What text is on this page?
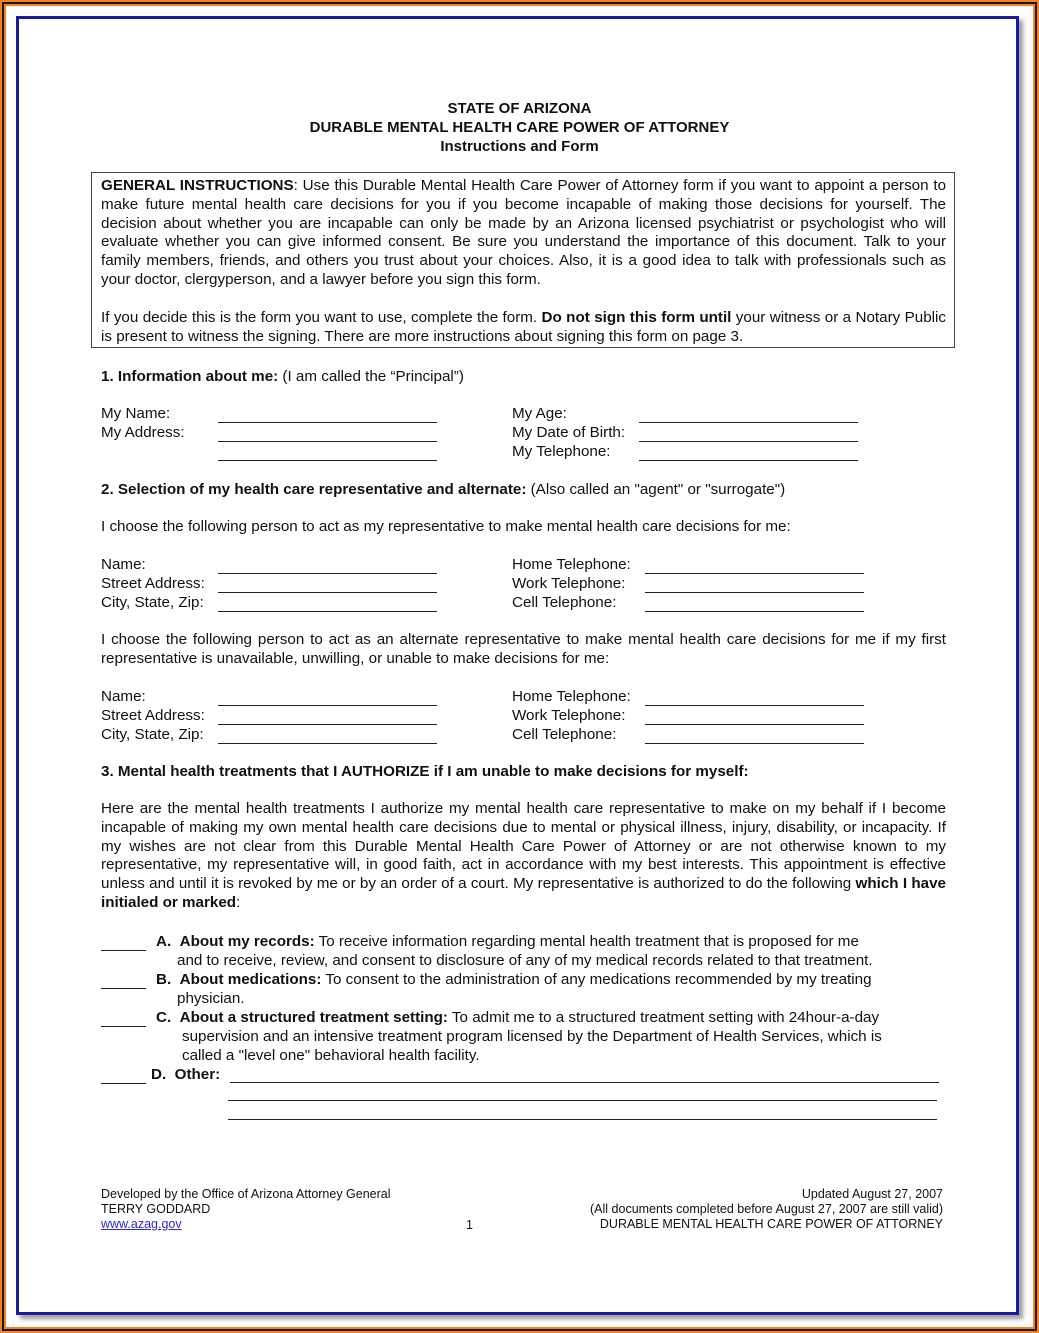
STATE OF ARIZONA
DURABLE MENTAL HEALTH CARE POWER OF ATTORNEY
Instructions and Form
GENERAL INSTRUCTIONS: Use this Durable Mental Health Care Power of Attorney form if you want to appoint a person to make future mental health care decisions for you if you become incapable of making those decisions for yourself. The decision about whether you are incapable can only be made by an Arizona licensed psychiatrist or psychologist who will evaluate whether you can give informed consent. Be sure you understand the importance of this document. Talk to your family members, friends, and others you trust about your choices. Also, it is a good idea to talk with professionals such as your doctor, clergyperson, and a lawyer before you sign this form.
If you decide this is the form you want to use, complete the form. Do not sign this form until your witness or a Notary Public is present to witness the signing. There are more instructions about signing this form on page 3.
1. Information about me: (I am called the “Principal”)
My Name:
My Address:
My Age:
My Date of Birth:
My Telephone:
2. Selection of my health care representative and alternate: (Also called an "agent" or "surrogate")
I choose the following person to act as my representative to make mental health care decisions for me:
Name:
Street Address:
City, State, Zip:
Home Telephone:
Work Telephone:
Cell Telephone:
I choose the following person to act as an alternate representative to make mental health care decisions for me if my first representative is unavailable, unwilling, or unable to make decisions for me:
Name:
Street Address:
City, State, Zip:
Home Telephone:
Work Telephone:
Cell Telephone:
3. Mental health treatments that I AUTHORIZE if I am unable to make decisions for myself:
Here are the mental health treatments I authorize my mental health care representative to make on my behalf if I become incapable of making my own mental health care decisions due to mental or physical illness, injury, disability, or incapacity. If my wishes are not clear from this Durable Mental Health Care Power of Attorney or are not otherwise known to my representative, my representative will, in good faith, act in accordance with my best interests. This appointment is effective unless and until it is revoked by me or by an order of a court. My representative is authorized to do the following which I have initialed or marked:
A. About my records: To receive information regarding mental health treatment that is proposed for me
and to receive, review, and consent to disclosure of any of my medical records related to that treatment.
B. About medications: To consent to the administration of any medications recommended by my treating
physician.
C. About a structured treatment setting: To admit me to a structured treatment setting with 24hour-a-day
supervision and an intensive treatment program licensed by the Department of Health Services, which is
called a "level one" behavioral health facility.
D. Other:
Developed by the Office of Arizona Attorney General
TERRY GODDARD
www.azag.gov	1
Updated August 27, 2007
(All documents completed before August 27, 2007 are still valid)
DURABLE MENTAL HEALTH CARE POWER OF ATTORNEY
